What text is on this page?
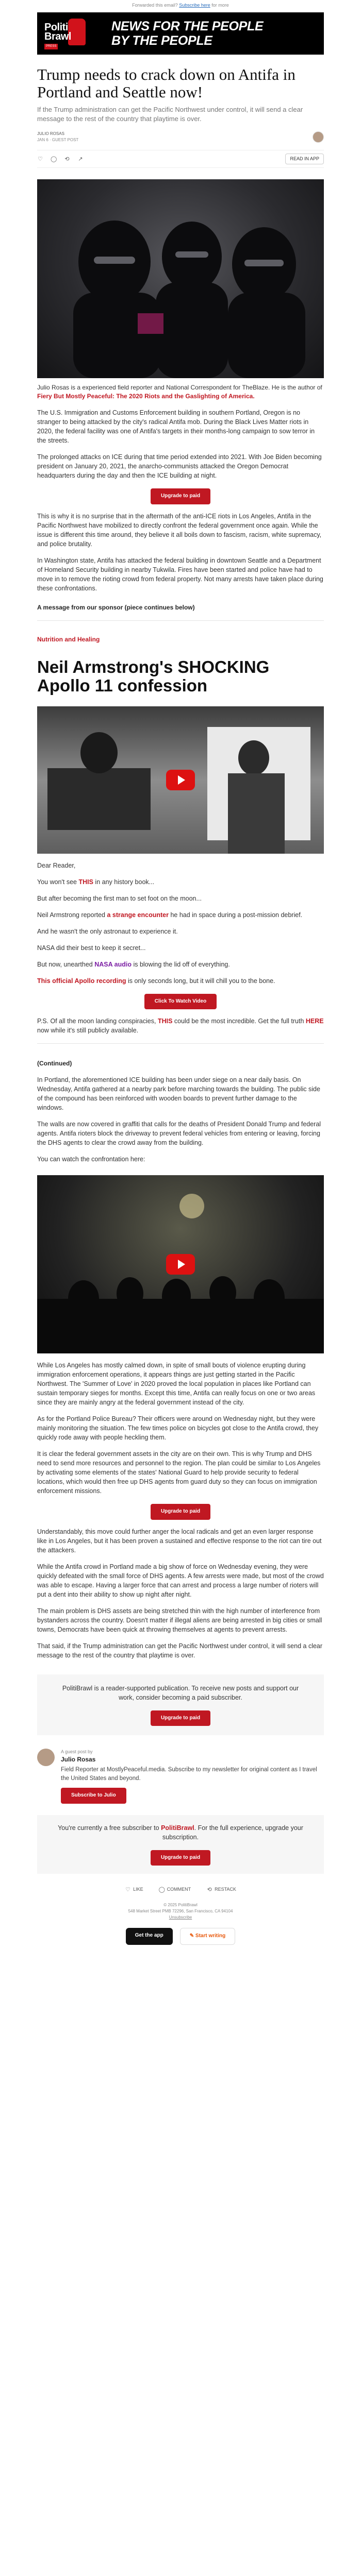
Forwarded this email? Subscribe here for more
Politi
Brawl
PRESS
NEWS FOR THE PEOPLE
BY THE PEOPLE
Trump needs to crack down on Antifa in Portland and Seattle now!
If the Trump administration can get the Pacific Northwest under control, it will send a clear message to the rest of the country that playtime is over.
JULIO ROSAS
JAN 6 · GUEST POST
♡ ◯ ⟲ ↗	READ IN APP
Julio Rosas is a experienced field reporter and National Correspondent for TheBlaze. He is the author of Fiery But Mostly Peaceful: The 2020 Riots and the Gaslighting of America.

The U.S. Immigration and Customs Enforcement building in southern Portland, Oregon is no stranger to being attacked by the city's radical Antifa mob. During the Black Lives Matter riots in 2020, the federal facility was one of Antifa's targets in their months-long campaign to sow terror in the streets.

The prolonged attacks on ICE during that time period extended into 2021. With Joe Biden becoming president on January 20, 2021, the anarcho-communists attacked the Oregon Democrat headquarters during the day and then the ICE building at night.

Upgrade to paid

This is why it is no surprise that in the aftermath of the anti-ICE riots in Los Angeles, Antifa in the Pacific Northwest have mobilized to directly confront the federal government once again. While the issue is different this time around, they believe it all boils down to fascism, racism, white supremacy, and police brutality.

In Washington state, Antifa has attacked the federal building in downtown Seattle and a Department of Homeland Security building in nearby Tukwila. Fires have been started and police have had to move in to remove the rioting crowd from federal property. Not many arrests have taken place during these confrontations.

A message from our sponsor (piece continues below)
Nutrition and Healing
Neil Armstrong's SHOCKING Apollo 11 confession

Dear Reader,

You won't see THIS in any history book...

But after becoming the first man to set foot on the moon...

Neil Armstrong reported a strange encounter he had in space during a post-mission debrief.

And he wasn't the only astronaut to experience it.

NASA did their best to keep it secret...

But now, unearthed NASA audio is blowing the lid off of everything.

This official Apollo recording is only seconds long, but it will chill you to the bone.

Click To Watch Video

P.S. Of all the moon landing conspiracies, THIS could be the most incredible. Get the full truth HERE now while it's still publicly available.

(Continued)

In Portland, the aforementioned ICE building has been under siege on a near daily basis. On Wednesday, Antifa gathered at a nearby park before marching towards the building. The public side of the compound has been reinforced with wooden boards to prevent further damage to the windows.

The walls are now covered in graffiti that calls for the deaths of President Donald Trump and federal agents. Antifa rioters block the driveway to prevent federal vehicles from entering or leaving, forcing the DHS agents to clear the crowd away from the building.

You can watch the confrontation here:

While Los Angeles has mostly calmed down, in spite of small bouts of violence erupting during immigration enforcement operations, it appears things are just getting started in the Pacific Northwest. The 'Summer of Love' in 2020 proved the local population in places like Portland can sustain temporary sieges for months. Except this time, Antifa can really focus on one or two areas since they are mainly angry at the federal government instead of the city.

As for the Portland Police Bureau? Their officers were around on Wednesday night, but they were mainly monitoring the situation. The few times police on bicycles got close to the Antifa crowd, they quickly rode away with people heckling them.

It is clear the federal government assets in the city are on their own. This is why Trump and DHS need to send more resources and personnel to the region. The plan could be similar to Los Angeles by activating some elements of the states' National Guard to help provide security to federal locations, which would then free up DHS agents from guard duty so they can focus on immigration enforcement missions.

Upgrade to paid

Understandably, this move could further anger the local radicals and get an even larger response like in Los Angeles, but it has been proven a sustained and effective response to the riot can tire out the attackers.

While the Antifa crowd in Portland made a big show of force on Wednesday evening, they were quickly defeated with the small force of DHS agents. A few arrests were made, but most of the crowd was able to escape. Having a larger force that can arrest and process a large number of rioters will put a dent into their ability to show up night after night.

The main problem is DHS assets are being stretched thin with the high number of interference from bystanders across the country. Doesn't matter if illegal aliens are being arrested in big cities or small towns, Democrats have been quick at throwing themselves at agents to prevent arrests.

That said, if the Trump administration can get the Pacific Northwest under control, it will send a clear message to the rest of the country that playtime is over.

PolitiBrawl is a reader-supported publication. To receive new posts and support our work, consider becoming a paid subscriber.

Upgrade to paid
A guest post by
Julio Rosas
Field Reporter at MostlyPeaceful.media. Subscribe to my newsletter for original content as I travel the United States and beyond.
Subscribe to Julio

You're currently a free subscriber to PolitiBrawl. For the full experience, upgrade your subscription.

Upgrade to paid
♡ LIKE	◯ COMMENT	⟲ RESTACK
© 2025 PolitiBrawl
548 Market Street PMB 72296, San Francisco, CA 94104
Unsubscribe
Get the app	✎ Start writing
